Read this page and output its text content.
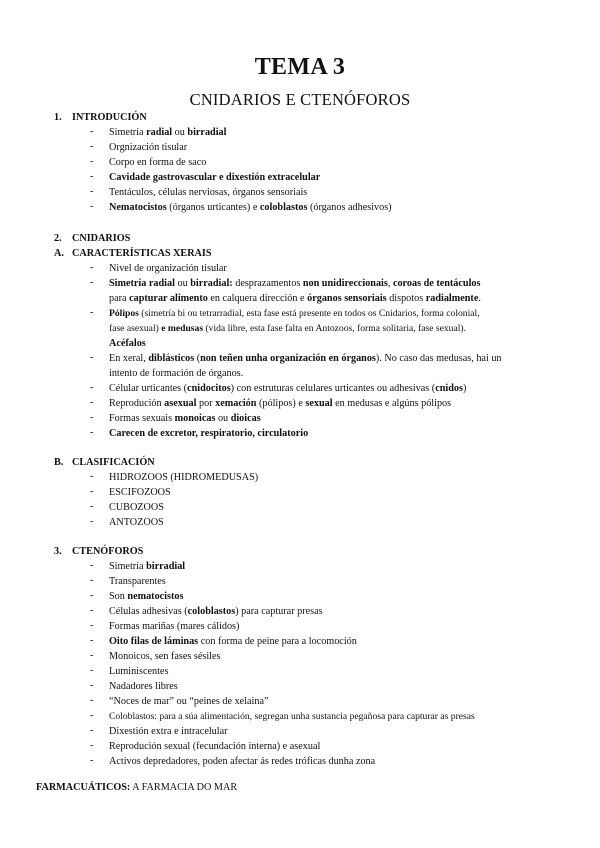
TEMA 3
CNIDARIOS E CTENÓFOROS
1. INTRODUCIÓN
- Simetría radial ou birradial
- Orgnización tisular
- Corpo en forma de saco
- Cavidade gastrovascular e dixestión extracelular
- Tentáculos, células nerviosas, órganos sensoriais
- Nematocistos (órganos urticantes) e coloblastos (órganos adhesivos)
2. CNIDARIOS
A. CARACTERÍSTICAS XERAIS
- Nivel de organización tisular
- Simetría radial ou birradial: desprazamentos non unidireccionais, coroas de tentáculos
para capturar alimento en calquera dirección e órganos sensoriais dispotos radialmente.
- Pólipos (simetría bi ou tetrarradial, esta fase está presente en todos os Cnidarios, forma colonial,
fase asexual) e medusas (vida libre, esta fase falta en Antozoos, forma solitaria, fase sexual).
Acéfalos
- En xeral, diblásticos (non teñen unha organización en órganos). No caso das medusas, hai un
intento de formación de órganos.
- Célular urticantes (cnidocitos) con estruturas celulares urticantes ou adhesivas (cnidos)
- Reprodución asexual por xemación (pólipos) e sexual en medusas e algúns pólipos
- Formas sexuais monoicas ou dioicas
- Carecen de excretor, respiratorio, circulatorio
B. CLASIFICACIÓN
- HIDROZOOS (HIDROMEDUSAS)
- ESCIFOZOOS
- CUBOZOOS
- ANTOZOOS
3. CTENÓFOROS
- Simetría birradial
- Transparentes
- Son nematocistos
- Células adhesivas (coloblastos) para capturar presas
- Formas mariñas (mares cálidos)
- Oito filas de láminas con forma de peine para a locomoción
- Monoicos, sen fases sésiles
- Luminiscentes
- Nadadores libres
- “Noces de mar” ou “peines de xelaina”
- Coloblastos: para a súa alimentación, segregan unha sustancia pegañosa para capturar as presas
- Dixestión extra e intracelular
- Reprodución sexual (fecundación interna) e asexual
- Activos depredadores, poden afectar ás redes tróficas dunha zona
FARMACUÁTICOS: A FARMACIA DO MAR
